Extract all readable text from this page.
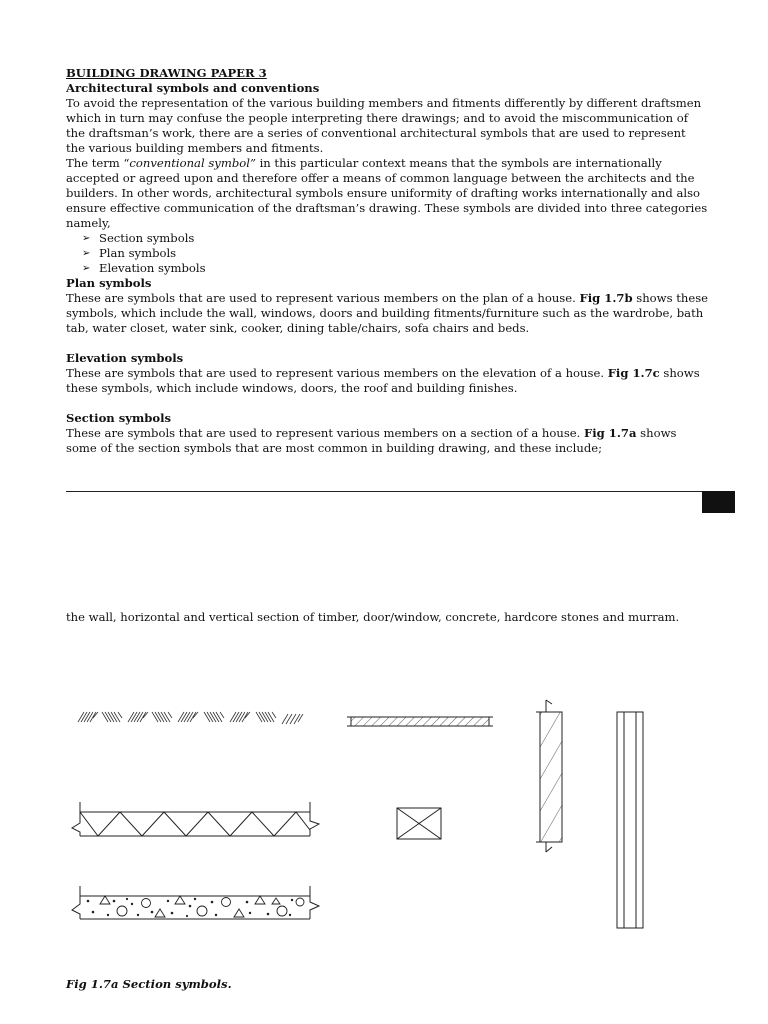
BUILDING DRAWING PAPER 3

Architectural symbols and conventions

To avoid the representation of the various building members and fitments differently by different draftsmen which in turn may confuse the people interpreting there drawings; and to avoid the miscommunication of the draftsman’s work, there are a series of conventional architectural symbols that are used to represent the various building members and fitments.

The term “conventional symbol” in this particular context means that the symbols are internationally accepted or agreed upon and therefore offer a means of common language between the architects and the builders. In other words, architectural symbols ensure uniformity of drafting works internationally and also ensure effective communication of the draftsman’s drawing. These symbols are divided into three categories namely,

➢ Section symbols
➢ Plan symbols
➢ Elevation symbols

Plan symbols

These are symbols that are used to represent various members on the plan of a house. Fig 1.7b shows these symbols, which include the wall, windows, doors and building fitments/furniture such as the wardrobe, bath tab, water closet, water sink, cooker, dining table/chairs, sofa chairs and beds.

Elevation symbols

These are symbols that are used to represent various members on the elevation of a house. Fig 1.7c shows these symbols, which include windows, doors, the roof and building finishes.

Section symbols

These are symbols that are used to represent various members on a section of a house. Fig 1.7a shows some of the section symbols that are most common in building drawing, and these include;

the wall, horizontal and vertical section of timber, door/window, concrete, hardcore stones and murram.

Fig 1.7a Section symbols.
